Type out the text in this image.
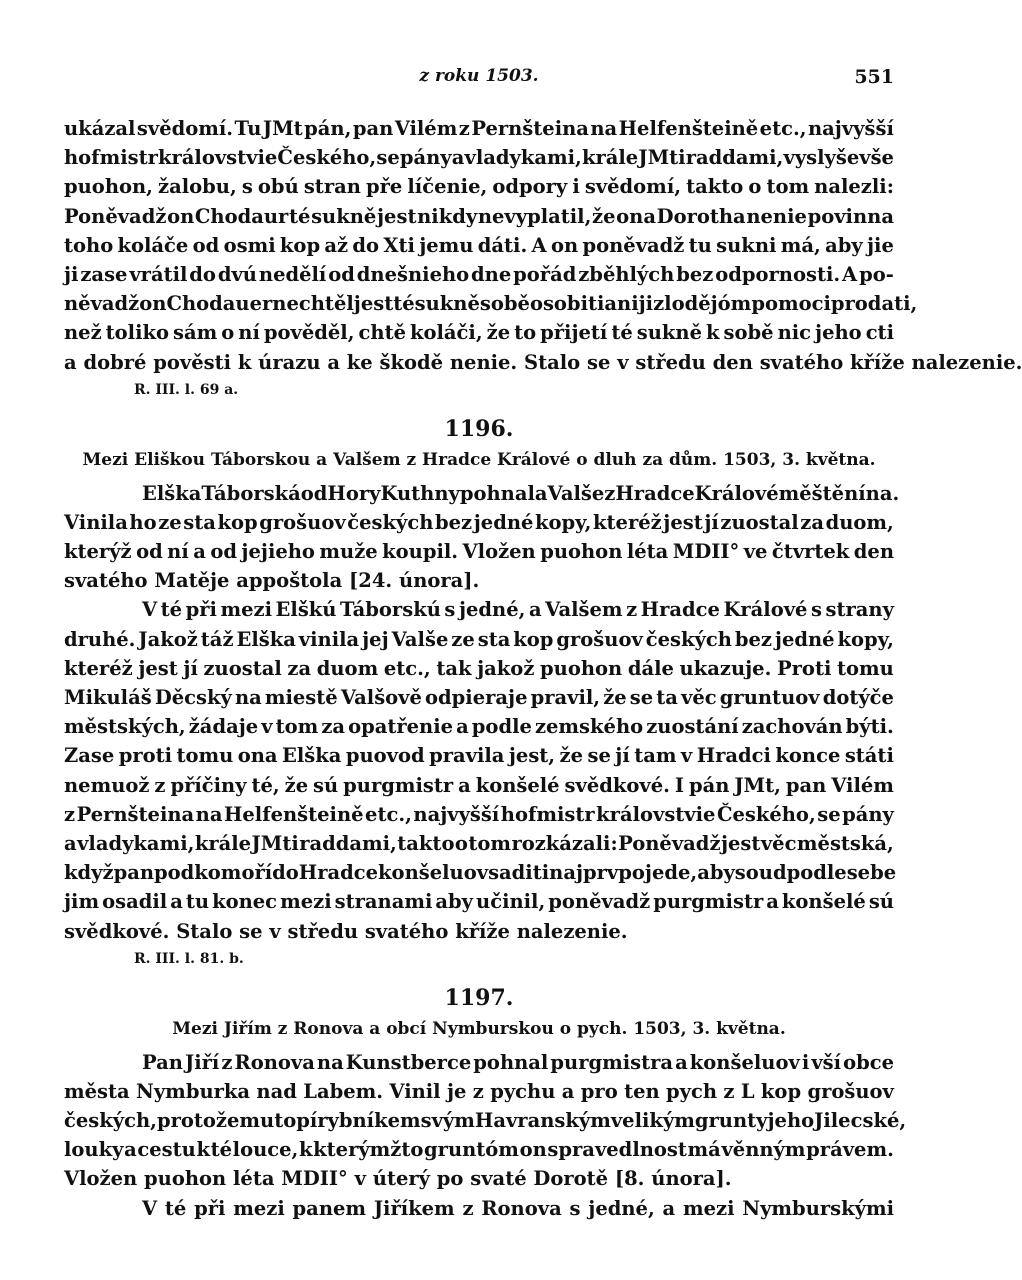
z roku 1503.	551
ukázal svědomí. Tu JMt pán, pan Vilém z Pernšteina na Helfenšteině etc., najvyšší
hofmistr královstvie Českého, se pány a vladykami, krále JMti raddami, vyslyševše
puohon, žalobu, s obú stran pře líčenie, odpory i svědomí, takto o tom nalezli:
Poněvadž on Chodaur té sukně jest nikdy nevyplatil, že ona Dorotha nenie povinna
toho koláče od osmi kop až do Xti jemu dáti. A on poněvadž tu sukni má, aby jie
ji zase vrátil do dvú nedělí od dnešnieho dne pořád zběhlých bez odpornosti. A po-
něvadž on Chodauer nechtěl jest té sukně sobě osobiti ani ji zlodějóm pomoci prodati,
než toliko sám o ní pověděl, chtě koláči, že to přijetí té sukně k sobě nic jeho cti
a dobré pověsti k úrazu a ke škodě nenie. Stalo se v středu den svatého kříže nalezenie.
R. III. l. 69 a.
1196.
Mezi Eliškou Táborskou a Valšem z Hradce Králové o dluh za dům. 1503, 3. května.
Elška Táborská od Hory Kuthny pohnala Valše z Hradce Králové měštěnína.
Vinila ho ze sta kop grošuov českých bez jedné kopy, kteréž jest jí zuostal za duom,
kterýž od ní a od jejieho muže koupil. Vložen puohon léta MDII° ve čtvrtek den
svatého Matěje appoštola [24. února].
V té při mezi Elškú Táborskú s jedné, a Valšem z Hradce Králové s strany
druhé. Jakož táž Elška vinila jej Valše ze sta kop grošuov českých bez jedné kopy,
kteréž jest jí zuostal za duom etc., tak jakož puohon dále ukazuje. Proti tomu
Mikuláš Děcský na miestě Valšově odpieraje pravil, že se ta věc gruntuov dotýče
městských, žádaje v tom za opatřenie a podle zemského zuostání zachován býti.
Zase proti tomu ona Elška puovod pravila jest, že se jí tam v Hradci konce státi
nemuož z příčiny té, že sú purgmistr a konšelé svědkové. I pán JMt, pan Vilém
z Pernšteina na Helfenšteině etc., najvyšší hofmistr královstvie Českého, se pány
a vladykami, krále JMti raddami, takto o tom rozkázali: Poněvadž jest věc městská,
když pan podkomoří do Hradce konšeluov saditi najprv pojede, aby soud podle sebe
jim osadil a tu konec mezi stranami aby učinil, poněvadž purgmistr a konšelé sú
svědkové. Stalo se v středu svatého kříže nalezenie.
R. III. l. 81. b.
1197.
Mezi Jiřím z Ronova a obcí Nymburskou o pych. 1503, 3. května.
Pan Jiří z Ronova na Kunstberce pohnal purgmistra a konšeluov i vší obce
města Nymburka nad Labem. Vinil je z pychu a pro ten pych z L kop grošuov
českých, protože mu topí rybníkem svým Havranským velikým grunty jeho Jilecské,
louky a cestu k té louce, k kterýmžto gruntóm on spravedlnost má věnným právem.
Vložen puohon léta MDII° v úterý po svaté Dorotě [8. února].
V té při mezi panem Jiříkem z Ronova s jedné, a mezi Nymburskými
